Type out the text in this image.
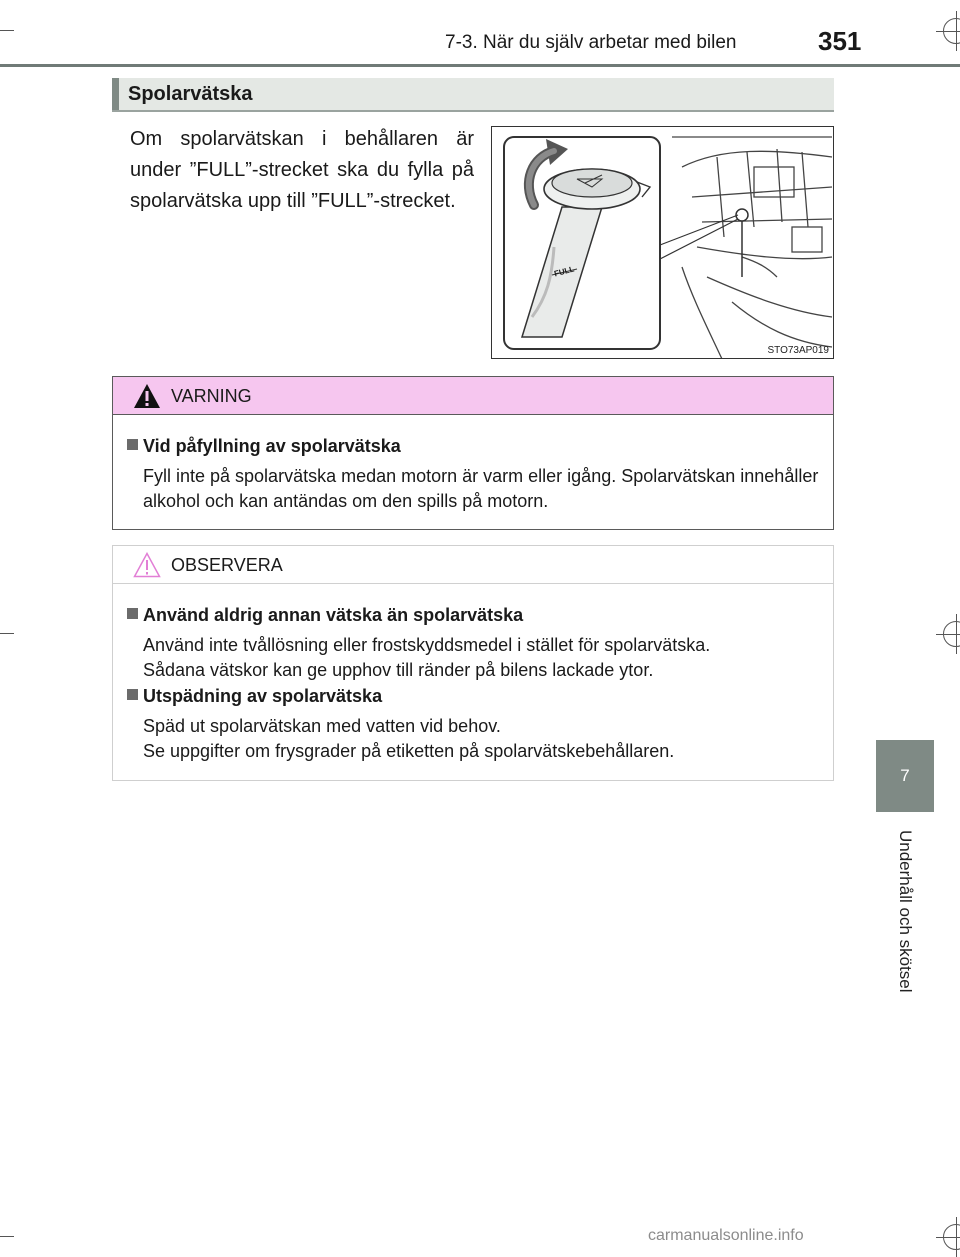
7-3. När du själv arbetar med bilen	351
7
Underhåll och skötsel
Spolarvätska
Om spolarvätskan i behållaren är under ”FULL”-strecket ska du fylla på spolarvätska upp till ”FULL”-strecket.
FULL
STO73AP019
VARNING
Vid påfyllning av spolarvätska
Fyll inte på spolarvätska medan motorn är varm eller igång. Spolarvätskan innehåller alkohol och kan antändas om den spills på motorn.
OBSERVERA
Använd aldrig annan vätska än spolarvätska
Använd inte tvållösning eller frostskyddsmedel i stället för spolarvätska.
Sådana vätskor kan ge upphov till ränder på bilens lackade ytor.
Utspädning av spolarvätska
Späd ut spolarvätskan med vatten vid behov.
Se uppgifter om frysgrader på etiketten på spolarvätskebehållaren.
carmanualsonline.info
